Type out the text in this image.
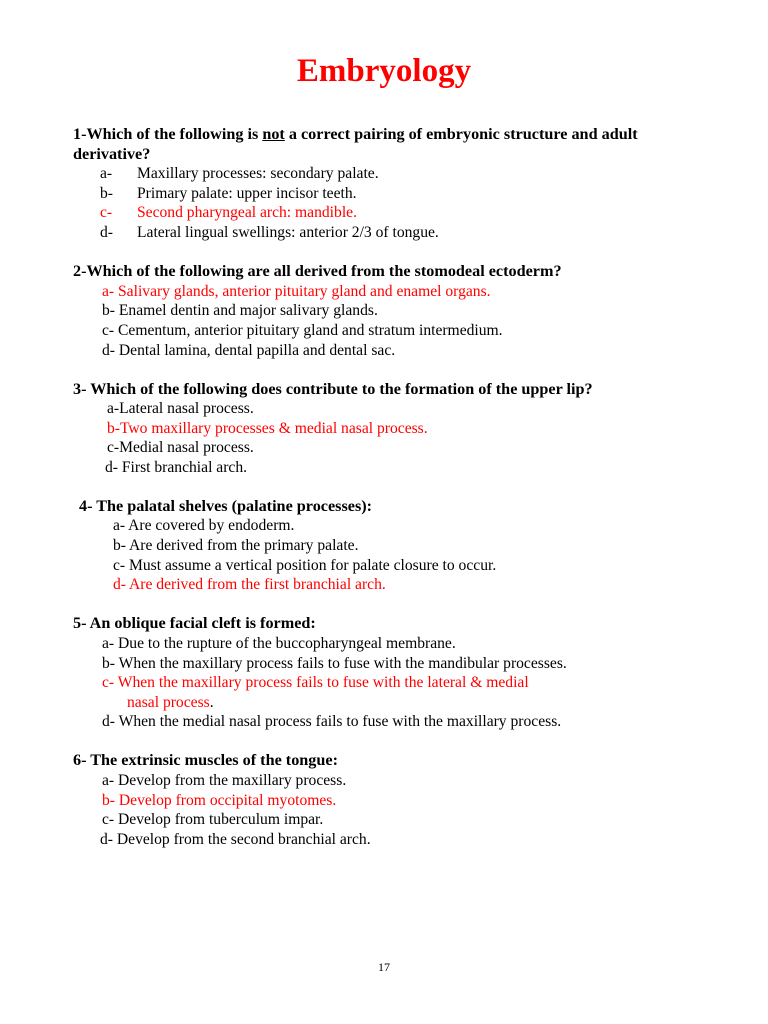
Embryology
1-Which of the following is not a correct pairing of embryonic structure and adult
derivative?
a- Maxillary processes: secondary palate.
b- Primary palate: upper incisor teeth.
c- Second pharyngeal arch: mandible.
d- Lateral lingual swellings: anterior 2/3 of tongue.
2-Which of the following are all derived from the stomodeal ectoderm?
a- Salivary glands, anterior pituitary gland and enamel organs.
b- Enamel dentin and major salivary glands.
c- Cementum, anterior pituitary gland and stratum intermedium.
d- Dental lamina, dental papilla and dental sac.
3- Which of the following does contribute to the formation of the upper lip?
a-Lateral nasal process.
b-Two maxillary processes & medial nasal process.
c-Medial nasal process.
d- First branchial arch.
4- The palatal shelves (palatine processes):
a- Are covered by endoderm.
b- Are derived from the primary palate.
c- Must assume a vertical position for palate closure to occur.
d- Are derived from the first branchial arch.
5- An oblique facial cleft is formed:
a- Due to the rupture of the buccopharyngeal membrane.
b- When the maxillary process fails to fuse with the mandibular processes.
c- When the maxillary process fails to fuse with the lateral & medial
nasal process.
d- When the medial nasal process fails to fuse with the maxillary process.
6- The extrinsic muscles of the tongue:
a- Develop from the maxillary process.
b- Develop from occipital myotomes.
c- Develop from tuberculum impar.
d- Develop from the second branchial arch.
17
